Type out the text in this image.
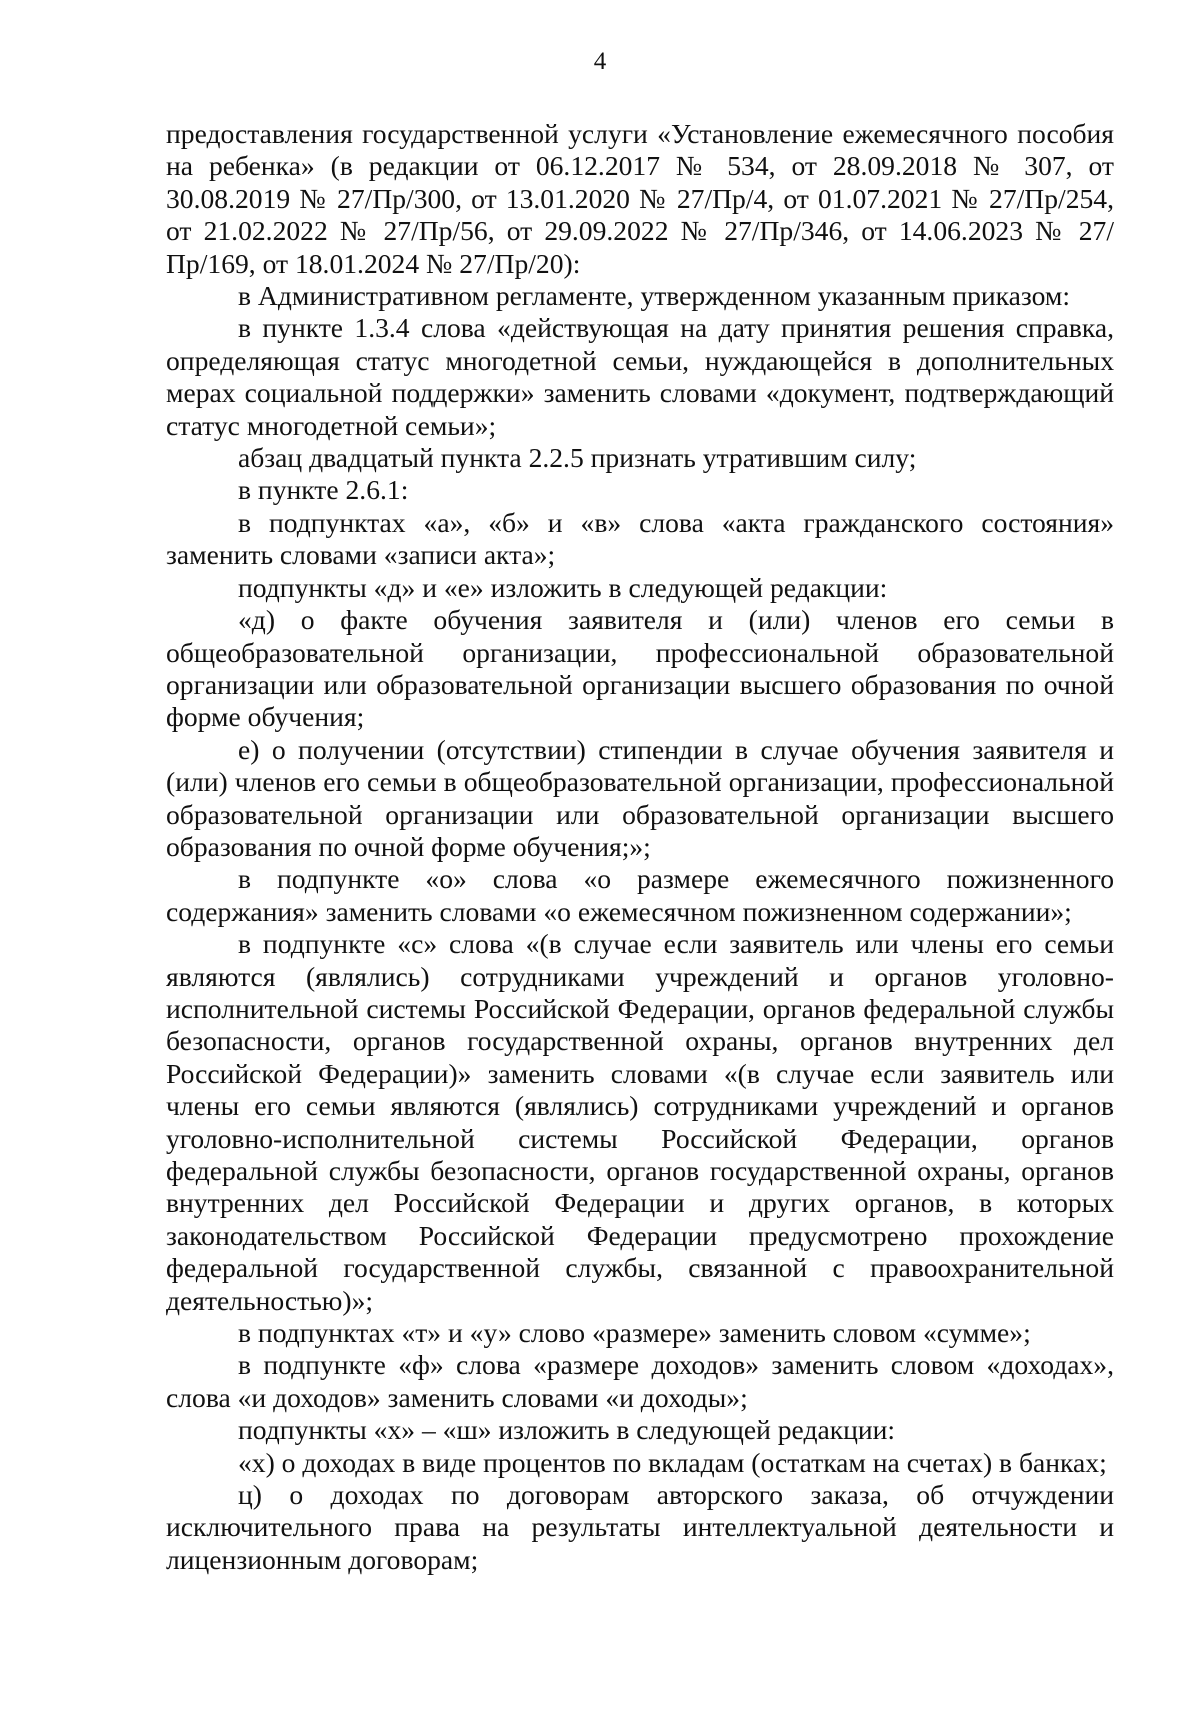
4

предоставления государственной услуги «Установление ежемесячного пособия на ребенка» (в редакции от 06.12.2017 № 534, от 28.09.2018 № 307, от 30.08.2019 № 27/Пр/300, от 13.01.2020 № 27/Пр/4, от 01.07.2021 № 27/Пр/254, от 21.02.2022 № 27/Пр/56, от 29.09.2022 № 27/Пр/346, от 14.06.2023 № 27/Пр/169, от 18.01.2024 № 27/Пр/20):

в Административном регламенте, утвержденном указанным приказом:

в пункте 1.3.4 слова «действующая на дату принятия решения справка, определяющая статус многодетной семьи, нуждающейся в дополнительных мерах социальной поддержки» заменить словами «документ, подтверждающий статус многодетной семьи»;

абзац двадцатый пункта 2.2.5 признать утратившим силу;

в пункте 2.6.1:

в подпунктах «а», «б» и «в» слова «акта гражданского состояния» заменить словами «записи акта»;

подпункты «д» и «е» изложить в следующей редакции:

«д) о факте обучения заявителя и (или) членов его семьи в общеобразовательной организации, профессиональной образовательной организации или образовательной организации высшего образования по очной форме обучения;

е) о получении (отсутствии) стипендии в случае обучения заявителя и (или) членов его семьи в общеобразовательной организации, профессиональной образовательной организации или образовательной организации высшего образования по очной форме обучения;»;

в подпункте «о» слова «о размере ежемесячного пожизненного содержания» заменить словами «о ежемесячном пожизненном содержании»;

в подпункте «с» слова «(в случае если заявитель или члены его семьи являются (являлись) сотрудниками учреждений и органов уголовно-исполнительной системы Российской Федерации, органов федеральной службы безопасности, органов государственной охраны, органов внутренних дел Российской Федерации)» заменить словами «(в случае если заявитель или члены его семьи являются (являлись) сотрудниками учреждений и органов уголовно-исполнительной системы Российской Федерации, органов федеральной службы безопасности, органов государственной охраны, органов внутренних дел Российской Федерации и других органов, в которых законодательством Российской Федерации предусмотрено прохождение федеральной государственной службы, связанной с правоохранительной деятельностью)»;

в подпунктах «т» и «у» слово «размере» заменить словом «сумме»;

в подпункте «ф» слова «размере доходов» заменить словом «доходах», слова «и доходов» заменить словами «и доходы»;

подпункты «х» – «ш» изложить в следующей редакции:

«х) о доходах в виде процентов по вкладам (остаткам на счетах) в банках;

ц) о доходах по договорам авторского заказа, об отчуждении исключительного права на результаты интеллектуальной деятельности и лицензионным договорам;
